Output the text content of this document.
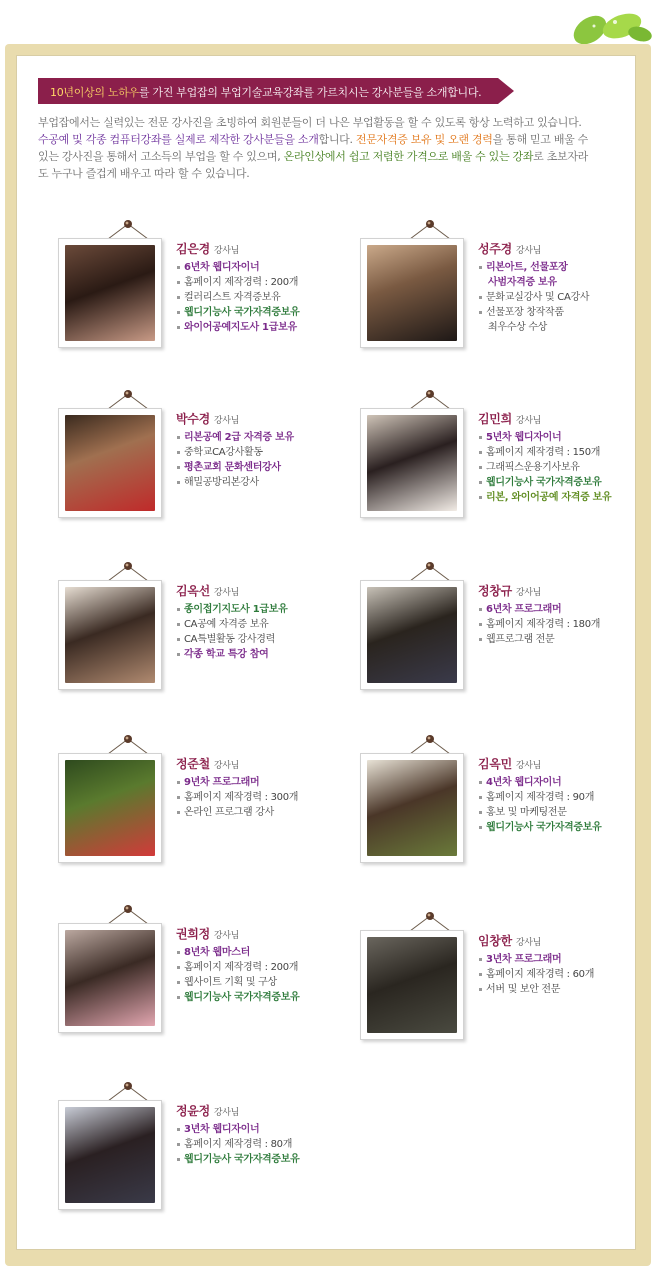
10년이상의 노하우를 가진 부업잡의 부업기술교육강좌를 가르치시는 강사분들을 소개합니다.
부업잡에서는 실력있는 전문 강사진을 초빙하여 회원분들이 더 나은 부업활동을 할 수 있도록 항상 노력하고 있습니다.
수공예 및 각종 컴퓨터강좌를 실제로 제작한 강사분들을 소개합니다. 전문자격증 보유 및 오랜 경력을 통해 믿고 배울 수 있는 강사진을 통해서 고소득의 부업을 할 수 있으며, 온라인상에서 쉽고 저렴한 가격으로 배울 수 있는 강좌로 초보자라도 누구나 즐겁게 배우고 따라 할 수 있습니다.
김은경 강사님
6년차 웹디자이너
홈페이지 제작경력 : 200개
컬러리스트 자격증보유
웹디기능사 국가자격증보유
와이어공예지도사 1급보유
성주경 강사님
리본아트, 선물포장
사범자격증 보유
문화교실강사 및 CA강사
선물포장 창작작품
최우수상 수상
박수경 강사님
리본공예 2급 자격증 보유
중학교CA강사활동
평촌교회 문화센터강사
해밀공방리본강사
김민희 강사님
5년차 웹디자이너
홈페이지 제작경력 : 150개
그래픽스운용기사보유
웹디기능사 국가자격증보유
리본, 와이어공예 자격증 보유
김옥선 강사님
종이접기지도사 1급보유
CA공예 자격증 보유
CA특별활동 강사경력
각종 학교 특강 참여
정창규 강사님
6년차 프로그래머
홈페이지 제작경력 : 180개
웹프로그램 전문
정준철 강사님
9년차 프로그래머
홈페이지 제작경력 : 300개
온라인 프로그램 강사
김옥민 강사님
4년차 웹디자이너
홈페이지 제작경력 : 90개
홍보 및 마케팅전문
웹디기능사 국가자격증보유
권희정 강사님
8년차 웹마스터
홈페이지 제작경력 : 200개
웹사이트 기획 및 구상
웹디기능사 국가자격증보유
임창한 강사님
3년차 프로그래머
홈페이지 제작경력 : 60개
서버 및 보안 전문
정윤정 강사님
3년차 웹디자이너
홈페이지 제작경력 : 80개
웹디기능사 국가자격증보유
